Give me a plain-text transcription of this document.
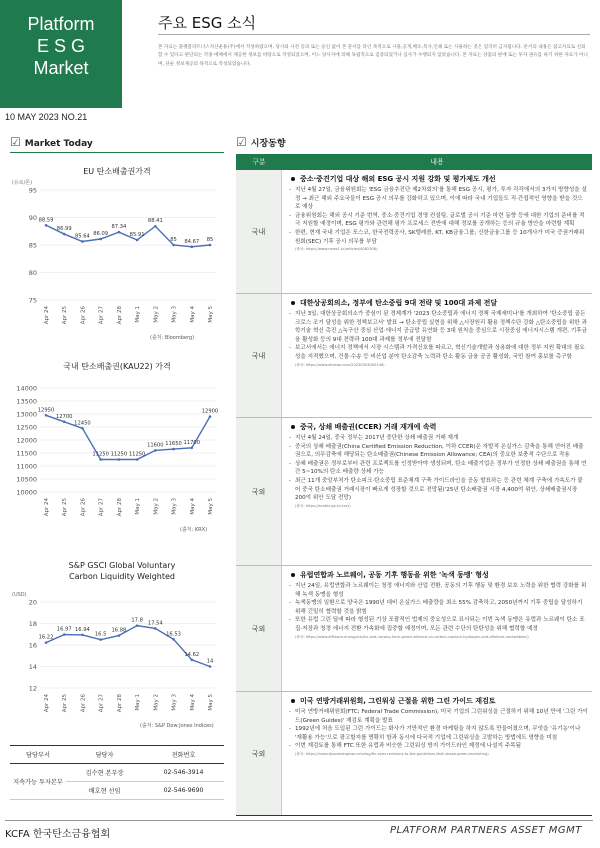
Platform
E S G
Market
10 MAY 2023 NO.21
주요 ESG 소식
본 자료는 플랫폼파트너스자산운용(주)에서 작성하였으며, 당사의 사전 동의 또는 승인 없이 본 문서를 타인 목적으로 사용,공개,배포,복사,인쇄 또는 사용하는 것은 엄격히 금지됩니다. 문서의 내용은 참고자료로 신뢰할 수 있다고 판단되는 각종 매체에서 제공한 정보를 바탕으로 작성되었으며, 어느 당사자에 의해 독립적으로 검증되었거나 심사가 수행되지 않았습니다. 본 자료는 상품의 판매 또는 투자 권유를 하기 위한 자료가 아니며, 단순 정보제공의 목적으로 작성되었습니다.
☑ Market Today	☑ 시장동향
EU 탄소배출권가격
(유로/톤)
75
80
85
90
95
Apr 24 Apr 25 Apr 26 Apr 27 Apr 28 May 1 May 2 May 3 May 4 May 5
88.59
86.99
85.64 86.09
87.34
85.91
88.41
85 84.67 85
(출처: Bloomberg)
국내 탄소배출권(KAU22) 가격
10000
10500
11000
11500
12000
12500
13000
13500
14000
Apr 24 Apr 25 Apr 26 Apr 27 Apr 28 May 1 May 2 May 3 May 4 May 5
12950
12700
12450
11250 11250 11250
11600 11650 11700
12900
(출처: KRX)
S&P GSCI Global Voluntary Carbon Liquidity Weighted
(USD)
12
14
16
18
20
Apr 24 Apr 25 Apr 26 Apr 27 Apr 28 May 1 May 2 May 3 May 4 May 5
16.22
16.97 16.94
16.5
16.88
17.8 17.54
16.53
14.62
14
(출처: S&P Dow Jones Indices)
담당부서	담당자	전화번호
지속가능 투자본부	김수현 본부장	02-546-3914
	배호현 선임	02-546-9690
구분	내용
국내
중소·중견기업 대상 해외 ESG 공시 지원 강화 및 평가제도 개선
- 지난 4월 27일, 금융위원회는 'ESG 금융추진단 제2차회의'를 통해 ESG 공시, 평가, 투자 각각에서의 3가지 방향성을 설정 → 최근 해외 주요국들이 ESG 공시 의무를 강화하고 있으며, 이에 따라 국내 기업들도 직·간접적인 영향을 받을 것으로 예상
- 금융위원회는 해외 공시 기준 번역, 중소·중견기업 경영 컨설팅, 글로벌 공시 기준 마련 동향 등에 대한 기업의 준비를 적극 지원할 예정이며, ESG 평가와 관련해 평가 프로세스 전반에 대해 정보를 공개하는 등의 규율 방안을 마련할 계획
- 한편, 현재 국내 기업은 포스코, 한국전력공사, SK텔레콤, KT, KB금융그룹, 신한금융그룹 등 10개사가 미국 증권거래위원회(SEC) 기후 공시 의무를 부담
(출처: https://www.news1.kr/articles/4062308)
국내
대한상공회의소, 정부에 탄소중립 9대 전략 및 100대 과제 전달
- 지난 3일, 대한상공회의소가 중심이 된 경제계가 '2023 탄소중립과 에너지 정책 국제세미나'를 개최하여 '탄소중립 골든크로스 조기 달성을 위한 정책보고서' 발표 → 탄소중립 실현을 위해 △시장원리 활용 정책수단 강화 △탄소중립을 위한 과학기술 혁신 촉진 △녹구산 중심 산업·에너지 공급망 유연화 등 3대 원칙을 중심으로 시장중심 에너지시스템 개편, 기후금융 활성화 등의 9대 전략과 100대 과제를 정부에 전달함
- 보고서에서는 에너지 정책에서 시장 시스템과 가격신호를 따르고, 혁신기술개발과 상용화에 대한 정부 지원 확대의 필요성을 지적했으며, 건물·수송 등 비산업 분야 탄소감축 노력과 탄소 활동 금융 공공 활성화, 국민 참여 홍보를 촉구함
(출처: https://www.etnews.com/20230503000146)
국외
중국, 상쇄 배출권(CCER) 거래 재개에 속력
- 지난 4월 24일, 중국 정부는 2017년 중단한 상쇄 배출권 거래 재개
- 중국의 상쇄 배출권(China Certified Emission Reduction, 이하 CCER)은 자발적 온실가스 감축을 통해 얻어진 배출권으로, 의무감축에 해당되는 탄소배출권(Chinese Emission Allowance; CEA)의 중요한 보충적 수단으로 작용
- 상쇄 배출권은 정부로부터 관련 프로젝트를 인정받아야 생성되며, 탄소 배출기업은 정부가 인정한 상쇄 배출권을 통해 연간 5~10%의 탄소 배출량 상쇄 가능
- 최근 11개 중앙부처가 탄소피크·탄소중립 표준체계 구축 가이드라인을 공동 발표하는 등 관련 체계 구축에 가속도가 붙어 중국 탄소배출권 거래시장이 빠르게 성장할 것으로 전망됨('25년 탄소배출권 시장 4,400억 위안, 상쇄배출권시장 200억 위안 도달 전망)
(출처: https://ecobiz.go.kr/ccer)
국외
유럽연합과 노르웨이, 공동 기후 행동을 위한 '녹색 동맹' 형성
- 지난 24일, 유럽연합과 노르웨이는 청정 에너지와 산업 전환, 공동의 기후 행동 및 환경 보호 노력을 위한 협력 강화를 위해 녹색 동맹을 형성
- 녹색동맹의 일환으로 양국은 1990년 대비 온실가스 배출량을 최소 55% 감축하고, 2050년까지 기후 중립을 달성하기 위해 긴밀히 협력할 것을 밝힘
- 또한 유럽 그린 딜에 따라 형성된 기상 포괄적인 법제의 중요성으로 묘사되는 이번 녹색 동맹은 유럽과 노르웨이 탄소 포집·저장과 청정 에너지 전환 가속화에 집중할 예정이며, 모든 관련 수단의 탄탄성을 위해 협력할 예정
(출처: https://www.offshore-energy.biz/eu-and-norway-form-green-alliance-on-carbon-capture-hydrogen-and-offshore-renewables/)
국외
미국 연방거래위원회, 그린워싱 근절을 위한 그린 가이드 재검토
- 미국 연방거래위원회(FTC; Federal Trade Commission), 미국 기업의 그린워싱을 근절하기 위해 10년 만에 '그린 가이드(Green Guides)' 재검토 계획을 발표
- 1992년에 처음 도입된 그린 가이드는 화사가 기만적인 환경 마케팅을 하지 않도록 만들어졌으며, 무엇을 '유기농'이나 '재활용 가능'으로 광고할지를 명확히 함과 동시에 다국적 기업에 그린워싱을 고발하는 방법에도 영향을 미침
- 이번 재검토를 통해 FTC 또한 유럽과 비슷한 그린워싱 방지 가이드라인 제정에 나설지 주목됨
(출처: https://news.bloomberglaw.com/esg/ftc-eyes-revisions-to-the-guidelines-that-shape-green-marketing)
KCFA 한국탄소금융협회	PLATFORM PARTNERS ASSET MGMT
